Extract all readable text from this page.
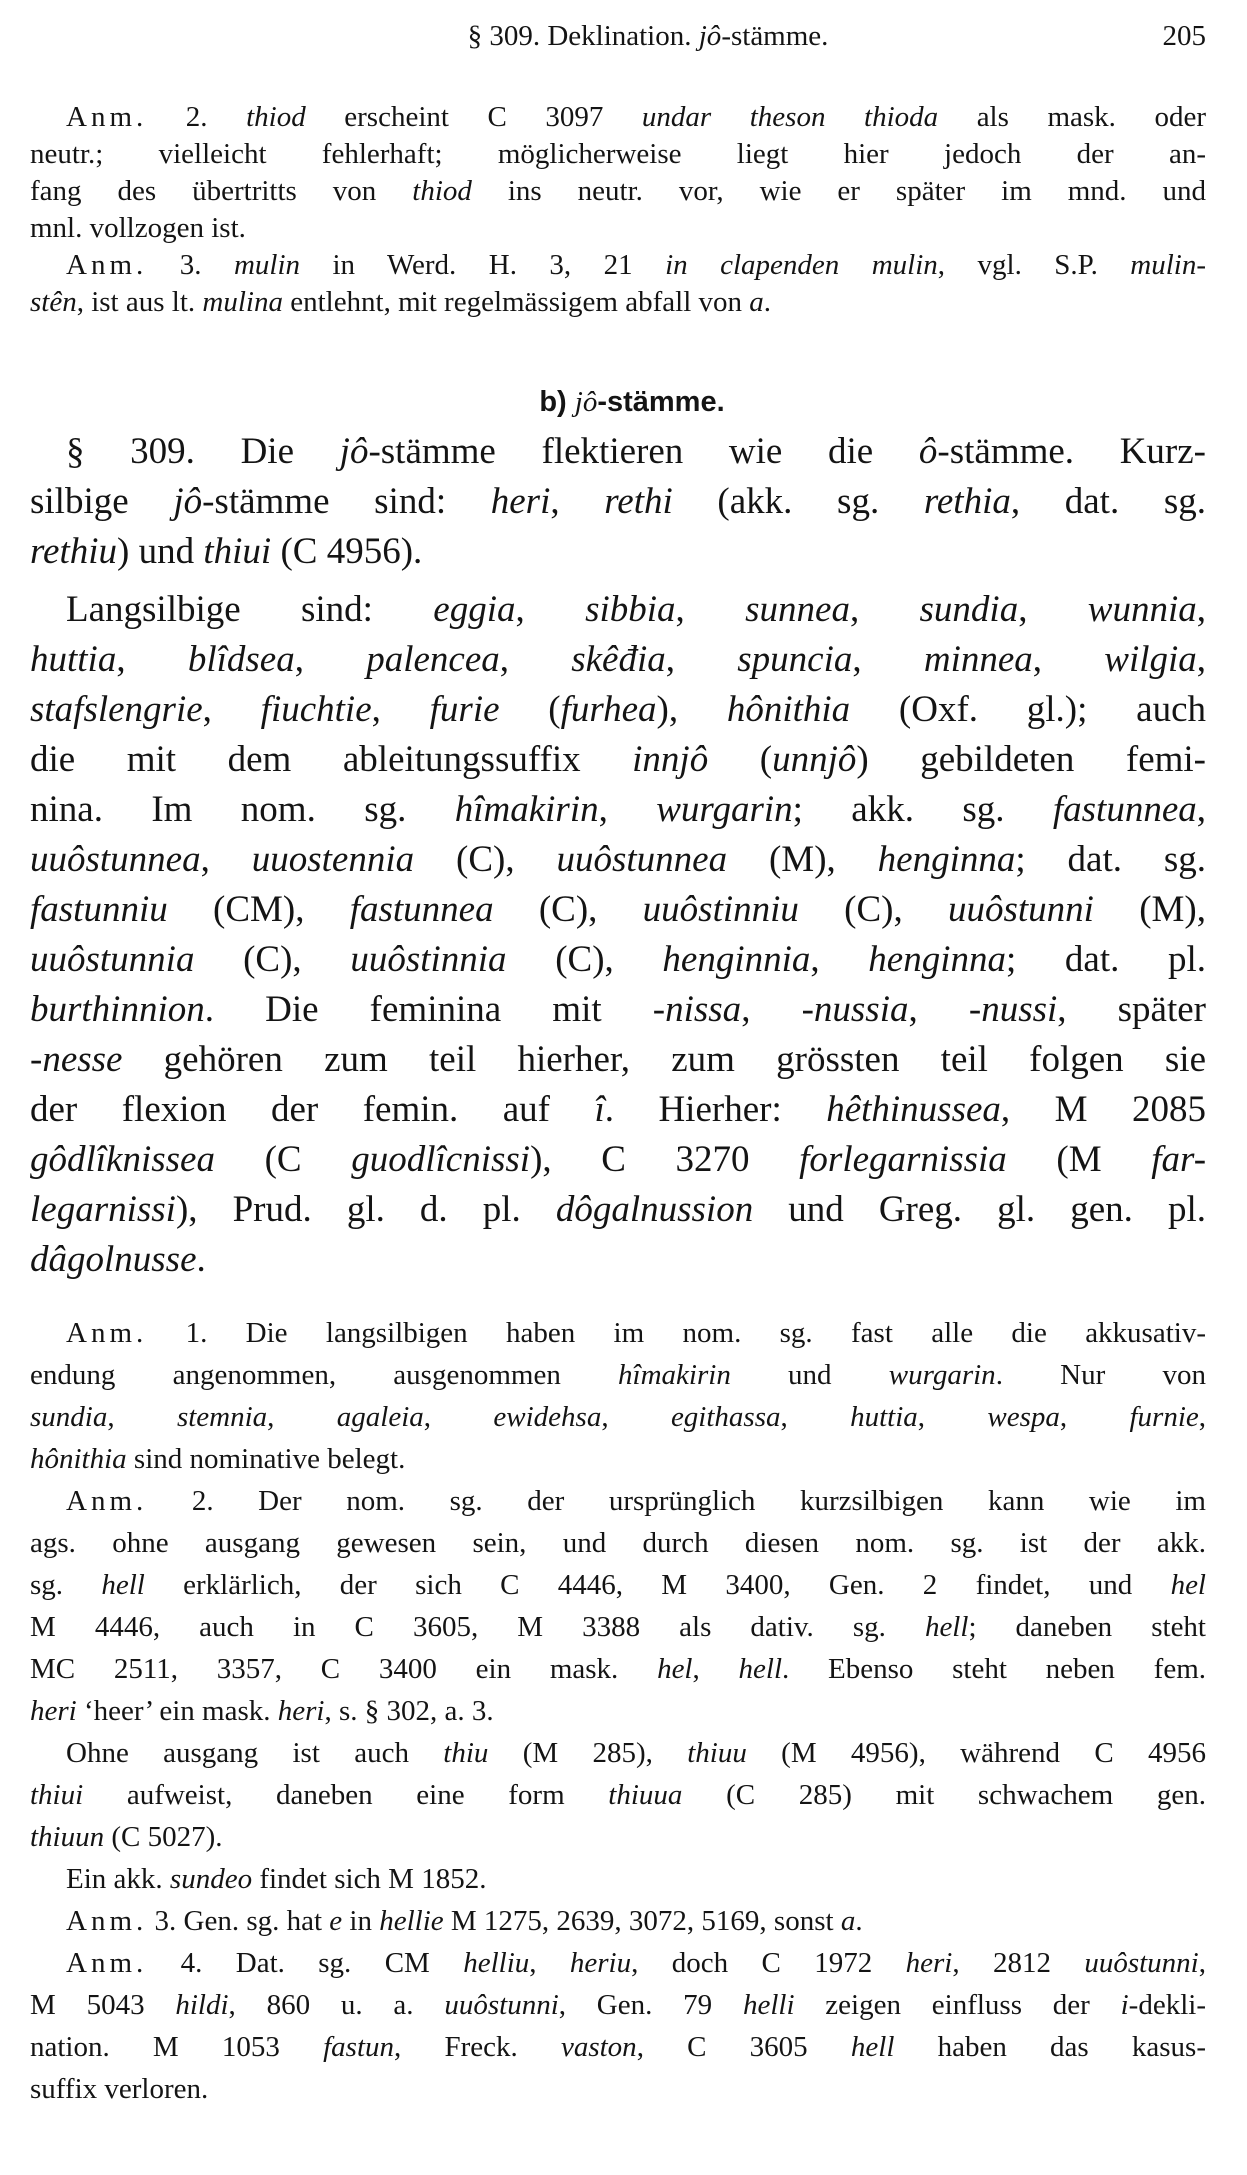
§ 309. Deklination. jô-stämme.	205
Anm. 2. thiod erscheint C 3097 undar theson thioda als mask. oder
neutr.; vielleicht fehlerhaft; möglicherweise liegt hier jedoch der an-
fang des übertritts von thiod ins neutr. vor, wie er später im mnd. und
mnl. vollzogen ist.
Anm. 3. mulin in Werd. H. 3, 21 in clapenden mulin, vgl. S.P. mulin-
stên, ist aus lt. mulina entlehnt, mit regelmässigem abfall von a.
b) jô-stämme.
§ 309. Die jô-stämme flektieren wie die ô-stämme. Kurz-
silbige jô-stämme sind: heri, rethi (akk. sg. rethia, dat. sg.
rethiu) und thiui (C 4956).
Langsilbige sind: eggia, sibbia, sunnea, sundia, wunnia,
huttia, blîdsea, palencea, skêđia, spuncia, minnea, wilgia,
stafslengrie, fiuchtie, furie (furhea), hônithia (Oxf. gl.); auch
die mit dem ableitungssuffix innjô (unnjô) gebildeten femi-
nina. Im nom. sg. hîmakirin, wurgarin; akk. sg. fastunnea,
uuôstunnea, uuostennia (C), uuôstunnea (M), henginna; dat. sg.
fastunniu (CM), fastunnea (C), uuôstinniu (C), uuôstunni (M),
uuôstunnia (C), uuôstinnia (C), henginnia, henginna; dat. pl.
burthinnion. Die feminina mit -nissa, -nussia, -nussi, später
-nesse gehören zum teil hierher, zum grössten teil folgen sie
der flexion der femin. auf î. Hierher: hêthinussea, M 2085
gôdlîknissea (C guodlîcnissi), C 3270 forlegarnissia (M far-
legarnissi), Prud. gl. d. pl. dôgalnussion und Greg. gl. gen. pl.
dâgolnusse.
Anm. 1. Die langsilbigen haben im nom. sg. fast alle die akkusativ-
endung angenommen, ausgenommen hîmakirin und wurgarin. Nur von
sundia, stemnia, agaleia, ewidehsa, egithassa, huttia, wespa, furnie,
hônithia sind nominative belegt.
Anm. 2. Der nom. sg. der ursprünglich kurzsilbigen kann wie im
ags. ohne ausgang gewesen sein, und durch diesen nom. sg. ist der akk.
sg. hell erklärlich, der sich C 4446, M 3400, Gen. 2 findet, und hel
M 4446, auch in C 3605, M 3388 als dativ. sg. hell; daneben steht
MC 2511, 3357, C 3400 ein mask. hel, hell. Ebenso steht neben fem.
heri ‘heer’ ein mask. heri, s. § 302, a. 3.
Ohne ausgang ist auch thiu (M 285), thiuu (M 4956), während C 4956
thiui aufweist, daneben eine form thiuua (C 285) mit schwachem gen.
thiuun (C 5027).
Ein akk. sundeo findet sich M 1852.
Anm. 3. Gen. sg. hat e in hellie M 1275, 2639, 3072, 5169, sonst a.
Anm. 4. Dat. sg. CM helliu, heriu, doch C 1972 heri, 2812 uuôstunni,
M 5043 hildi, 860 u. a. uuôstunni, Gen. 79 helli zeigen einfluss der i-dekli-
nation. M 1053 fastun, Freck. vaston, C 3605 hell haben das kasus-
suffix verloren.
